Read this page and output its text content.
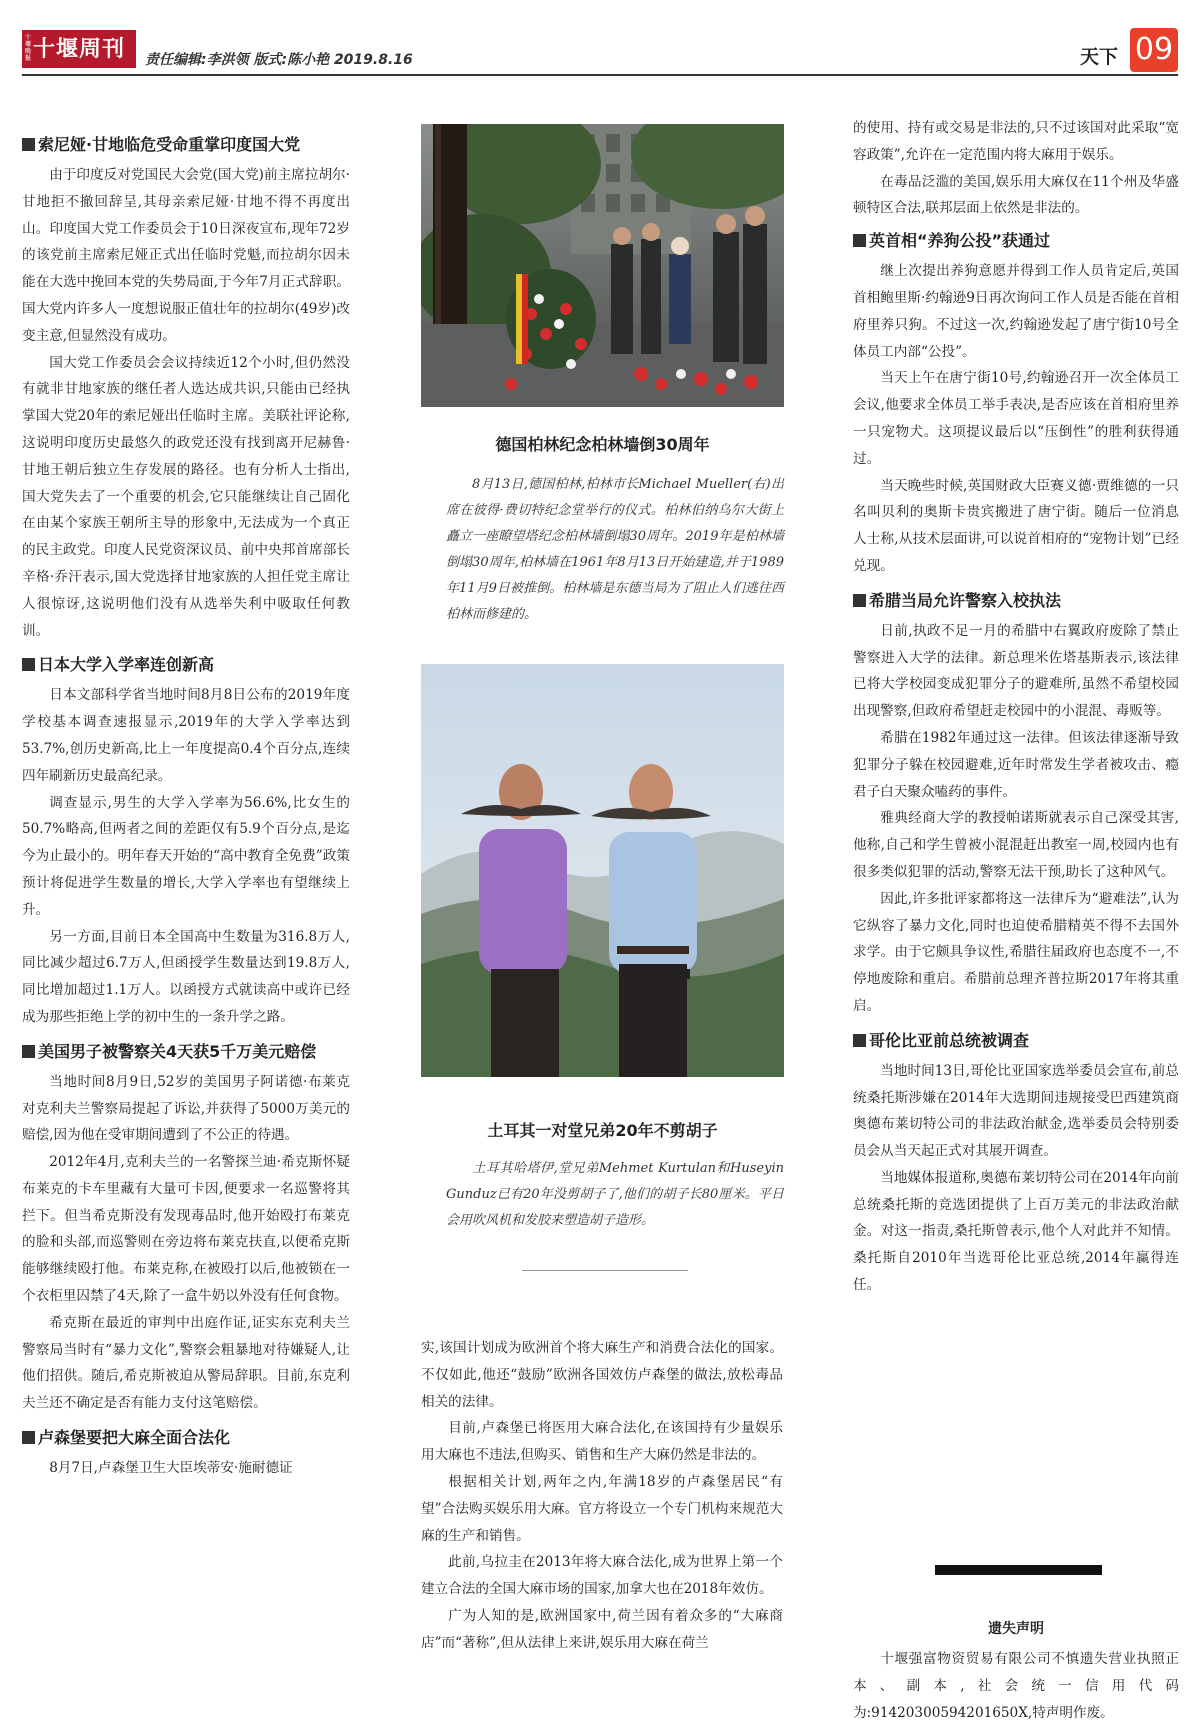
十堰晚报 十堰周刊	责任编辑:李洪领 版式:陈小艳 2019.8.16	天下 09
索尼娅·甘地临危受命重掌印度国大党

由于印度反对党国民大会党(国大党)前主席拉胡尔·甘地拒不撤回辞呈,其母亲索尼娅·甘地不得不再度出山。印度国大党工作委员会于10日深夜宣布,现年72岁的该党前主席索尼娅正式出任临时党魁,而拉胡尔因未能在大选中挽回本党的失势局面,于今年7月正式辞职。国大党内许多人一度想说服正值壮年的拉胡尔(49岁)改变主意,但显然没有成功。

国大党工作委员会会议持续近12个小时,但仍然没有就非甘地家族的继任者人选达成共识,只能由已经执掌国大党20年的索尼娅出任临时主席。美联社评论称,这说明印度历史最悠久的政党还没有找到离开尼赫鲁·甘地王朝后独立生存发展的路径。也有分析人士指出,国大党失去了一个重要的机会,它只能继续让自己固化在由某个家族王朝所主导的形象中,无法成为一个真正的民主政党。印度人民党资深议员、前中央邦首席部长辛格·乔汗表示,国大党选择甘地家族的人担任党主席让人很惊讶,这说明他们没有从选举失利中吸取任何教训。

日本大学入学率连创新高

日本文部科学省当地时间8月8日公布的2019年度学校基本调查速报显示,2019年的大学入学率达到53.7%,创历史新高,比上一年度提高0.4个百分点,连续四年刷新历史最高纪录。

调查显示,男生的大学入学率为56.6%,比女生的50.7%略高,但两者之间的差距仅有5.9个百分点,是迄今为止最小的。明年春天开始的“高中教育全免费”政策预计将促进学生数量的增长,大学入学率也有望继续上升。

另一方面,目前日本全国高中生数量为316.8万人,同比减少超过6.7万人,但函授学生数量达到19.8万人,同比增加超过1.1万人。以函授方式就读高中或许已经成为那些拒绝上学的初中生的一条升学之路。

美国男子被警察关4天获5千万美元赔偿

当地时间8月9日,52岁的美国男子阿诺德·布莱克对克利夫兰警察局提起了诉讼,并获得了5000万美元的赔偿,因为他在受审期间遭到了不公正的待遇。

2012年4月,克利夫兰的一名警探兰迪·希克斯怀疑布莱克的卡车里藏有大量可卡因,便要求一名巡警将其拦下。但当希克斯没有发现毒品时,他开始殴打布莱克的脸和头部,而巡警则在旁边将布莱克扶直,以便希克斯能够继续殴打他。布莱克称,在被殴打以后,他被锁在一个衣柜里囚禁了4天,除了一盒牛奶以外没有任何食物。

希克斯在最近的审判中出庭作证,证实东克利夫兰警察局当时有“暴力文化”,警察会粗暴地对待嫌疑人,让他们招供。随后,希克斯被迫从警局辞职。目前,东克利夫兰还不确定是否有能力支付这笔赔偿。

卢森堡要把大麻全面合法化

8月7日,卢森堡卫生大臣埃蒂安·施耐德证

德国柏林纪念柏林墙倒30周年
8月13日,德国柏林,柏林市长Michael Mueller(右)出席在彼得·费切特纪念堂举行的仪式。柏林伯纳乌尔大街上矗立一座瞭望塔纪念柏林墙倒塌30周年。2019年是柏林墙倒塌30周年,柏林墙在1961年8月13日开始建造,并于1989年11月9日被推倒。柏林墙是东德当局为了阻止人们逃往西柏林而修建的。
土耳其一对堂兄弟20年不剪胡子
土耳其哈塔伊,堂兄弟Mehmet Kurtulan和Huseyin Gunduz已有20年没剪胡子了,他们的胡子长80厘米。平日会用吹风机和发胶来塑造胡子造形。

实,该国计划成为欧洲首个将大麻生产和消费合法化的国家。不仅如此,他还“鼓励”欧洲各国效仿卢森堡的做法,放松毒品相关的法律。

目前,卢森堡已将医用大麻合法化,在该国持有少量娱乐用大麻也不违法,但购买、销售和生产大麻仍然是非法的。

根据相关计划,两年之内,年满18岁的卢森堡居民“有望”合法购买娱乐用大麻。官方将设立一个专门机构来规范大麻的生产和销售。

此前,乌拉圭在2013年将大麻合法化,成为世界上第一个建立合法的全国大麻市场的国家,加拿大也在2018年效仿。

广为人知的是,欧洲国家中,荷兰因有着众多的“大麻商店”而“著称”,但从法律上来讲,娱乐用大麻在荷兰

的使用、持有或交易是非法的,只不过该国对此采取“宽容政策”,允许在一定范围内将大麻用于娱乐。

在毒品泛滥的美国,娱乐用大麻仅在11个州及华盛顿特区合法,联邦层面上依然是非法的。

英首相“养狗公投”获通过

继上次提出养狗意愿并得到工作人员肯定后,英国首相鲍里斯·约翰逊9日再次询问工作人员是否能在首相府里养只狗。不过这一次,约翰逊发起了唐宁街10号全体员工内部“公投”。

当天上午在唐宁街10号,约翰逊召开一次全体员工会议,他要求全体员工举手表决,是否应该在首相府里养一只宠物犬。这项提议最后以“压倒性”的胜利获得通过。

当天晚些时候,英国财政大臣赛义德·贾维德的一只名叫贝利的奥斯卡贵宾搬进了唐宁街。随后一位消息人士称,从技术层面讲,可以说首相府的“宠物计划”已经兑现。

希腊当局允许警察入校执法

日前,执政不足一月的希腊中右翼政府废除了禁止警察进入大学的法律。新总理米佐塔基斯表示,该法律已将大学校园变成犯罪分子的避难所,虽然不希望校园出现警察,但政府希望赶走校园中的小混混、毒贩等。

希腊在1982年通过这一法律。但该法律逐渐导致犯罪分子躲在校园避难,近年时常发生学者被攻击、瘾君子白天聚众嗑药的事件。

雅典经商大学的教授帕诺斯就表示自己深受其害,他称,自己和学生曾被小混混赶出教室一周,校园内也有很多类似犯罪的活动,警察无法干预,助长了这种风气。

因此,许多批评家都将这一法律斥为“避难法”,认为它纵容了暴力文化,同时也迫使希腊精英不得不去国外求学。由于它颇具争议性,希腊往届政府也态度不一,不停地废除和重启。希腊前总理齐普拉斯2017年将其重启。

哥伦比亚前总统被调查

当地时间13日,哥伦比亚国家选举委员会宣布,前总统桑托斯涉嫌在2014年大选期间违规接受巴西建筑商奥德布莱切特公司的非法政治献金,选举委员会特别委员会从当天起正式对其展开调查。

当地媒体报道称,奥德布莱切特公司在2014年向前总统桑托斯的竞选团提供了上百万美元的非法政治献金。对这一指责,桑托斯曾表示,他个人对此并不知情。桑托斯自2010年当选哥伦比亚总统,2014年赢得连任。

遗失声明

十堰强富物资贸易有限公司不慎遗失营业执照正本、副本,社会统一信用代码为:91420300594201650X,特声明作废。
